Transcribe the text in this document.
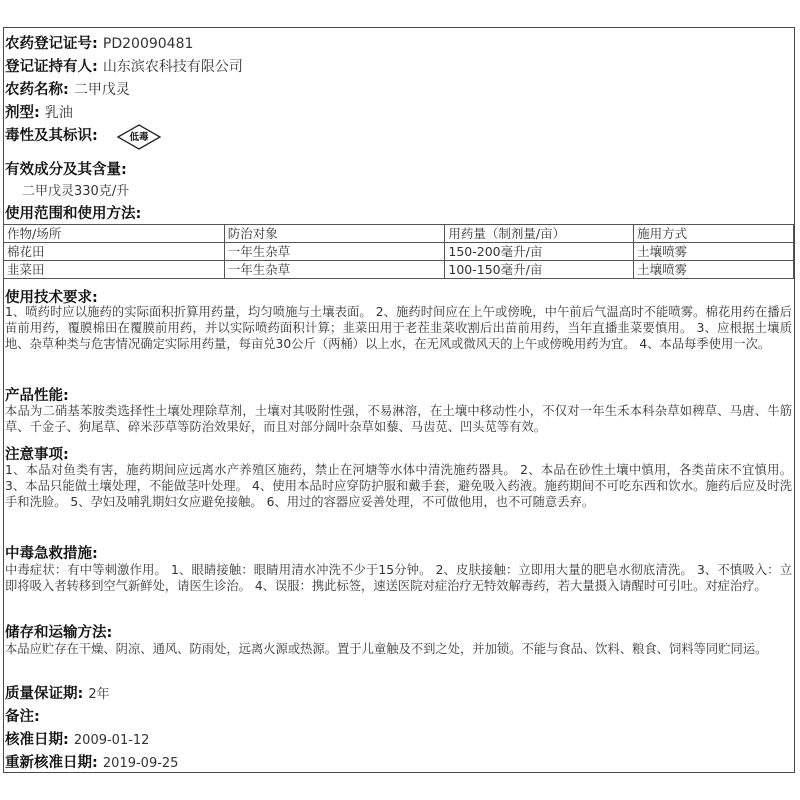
农药登记证号: PD20090481
登记证持有人: 山东滨农科技有限公司
农药名称: 二甲戊灵
剂型: 乳油
毒性及其标识:	低毒
有效成分及其含量:
二甲戊灵330克/升
使用范围和使用方法:
作物/场所	防治对象	用药量（制剂量/亩）	施用方式
棉花田	一年生杂草	150-200毫升/亩	土壤喷雾
韭菜田	一年生杂草	100-150毫升/亩	土壤喷雾
使用技术要求:
1、喷药时应以施药的实际面积折算用药量，均匀喷施与土壤表面。 2、施药时间应在上午或傍晚，中午前后气温高时不能喷雾。棉花用药在播后苗前用药，覆膜棉田在覆膜前用药，并以实际喷药面积计算；韭菜田用于老茬韭菜收割后出苗前用药，当年直播韭菜要慎用。 3、应根据土壤质地、杂草种类与危害情况确定实际用药量，每亩兑30公斤（两桶）以上水，在无风或微风天的上午或傍晚用药为宜。 4、本品每季使用一次。
产品性能:
本品为二硝基苯胺类选择性土壤处理除草剂，土壤对其吸附性强，不易淋溶，在土壤中移动性小，不仅对一年生禾本科杂草如稗草、马唐、牛筋草、千金子、狗尾草、碎米莎草等防治效果好，而且对部分阔叶杂草如藜、马齿苋、凹头苋等有效。
注意事项:
1、本品对鱼类有害，施药期间应远离水产养殖区施药，禁止在河塘等水体中清洗施药器具。 2、本品在砂性土壤中慎用，各类苗床不宜慎用。 3、本品只能做土壤处理，不能做茎叶处理。 4、使用本品时应穿防护服和戴手套，避免吸入药液。施药期间不可吃东西和饮水。施药后应及时洗手和洗脸。 5、孕妇及哺乳期妇女应避免接触。 6、用过的容器应妥善处理，不可做他用，也不可随意丢弃。
中毒急救措施:
中毒症状：有中等刺激作用。 1、眼睛接触：眼睛用清水冲洗不少于15分钟。 2、皮肤接触：立即用大量的肥皂水彻底清洗。 3、不慎吸入：立即将吸入者转移到空气新鲜处，请医生诊治。 4、误服：携此标签，速送医院对症治疗无特效解毒药，若大量摄入请醒时可引吐。对症治疗。
储存和运输方法:
本品应贮存在干燥、阴凉、通风、防雨处，远离火源或热源。置于儿童触及不到之处，并加锁。不能与食品、饮料、粮食、饲料等同贮同运。
质量保证期: 2年
备注:
核准日期: 2009-01-12
重新核准日期: 2019-09-25
